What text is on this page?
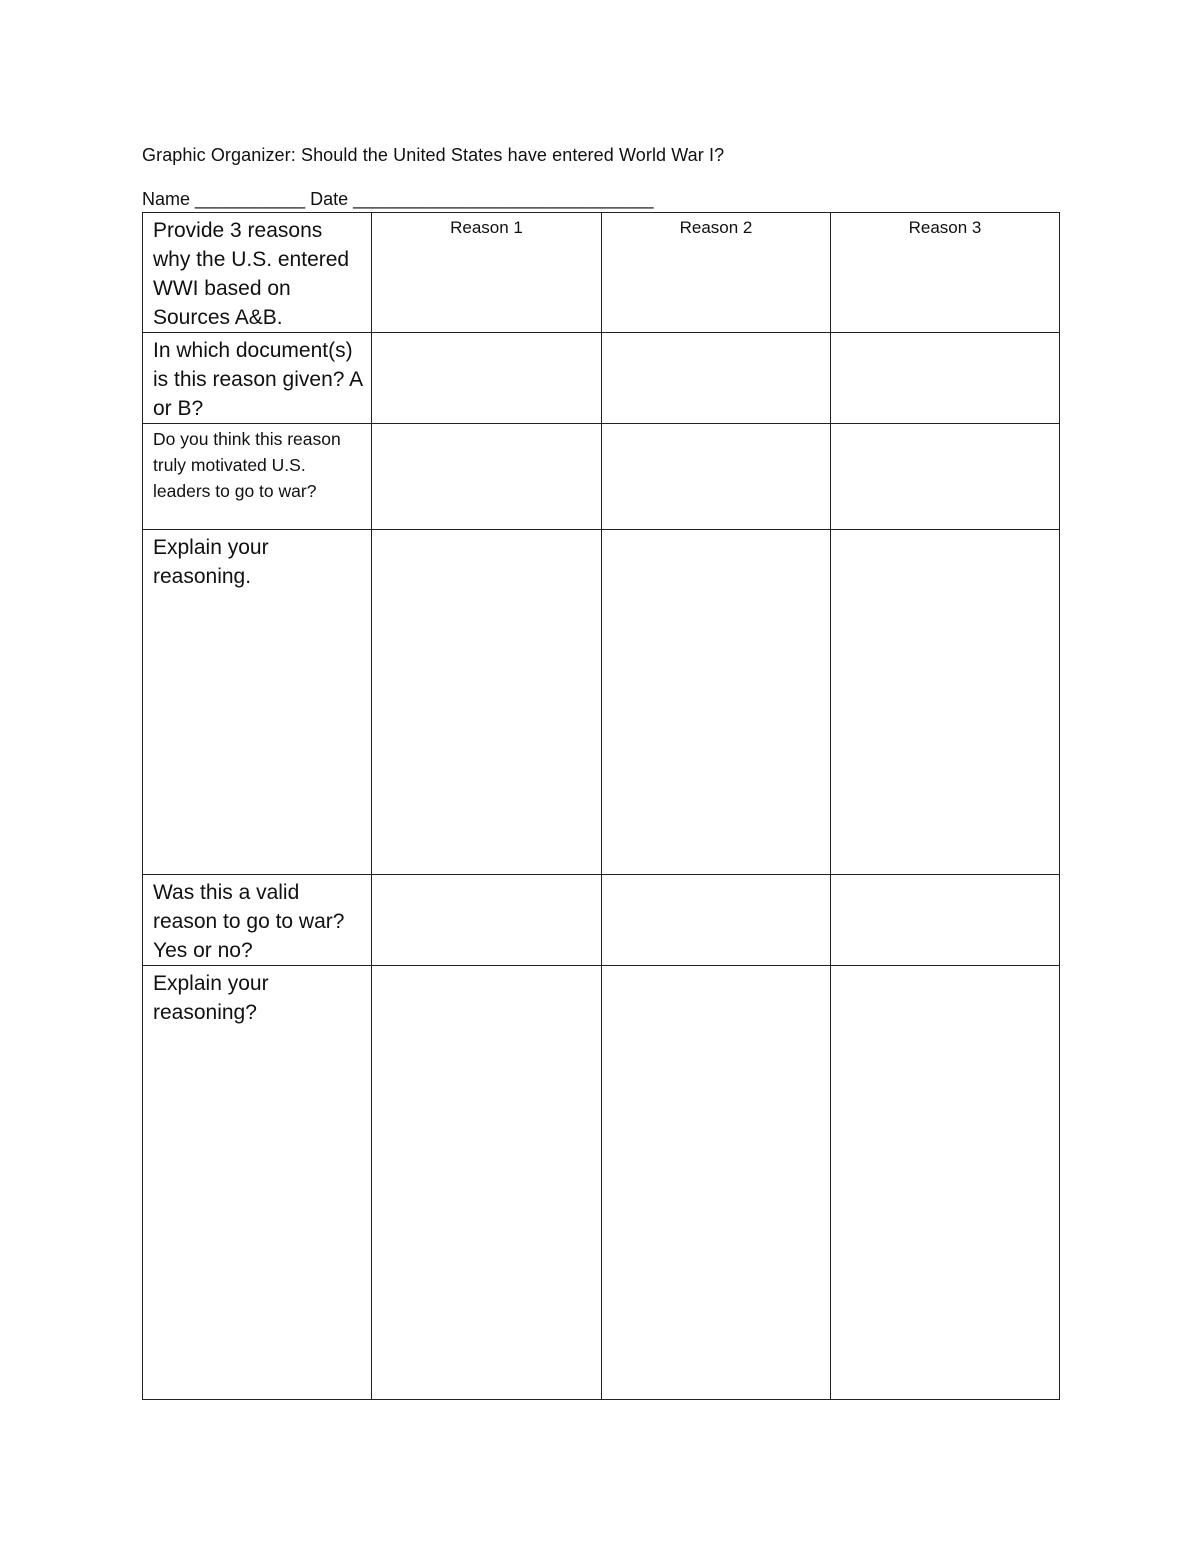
Graphic Organizer: Should the United States have entered World War I?
Name ___________ Date ______________________________
Provide 3 reasons why the U.S. entered WWI based on Sources A&B.	Reason 1	Reason 2	Reason 3

In which document(s) is this reason given? A or B?			

Do you think this reason truly motivated U.S. leaders to go to war?			

Explain your reasoning.			

Was this a valid reason to go to war? Yes or no?			

Explain your reasoning?			
